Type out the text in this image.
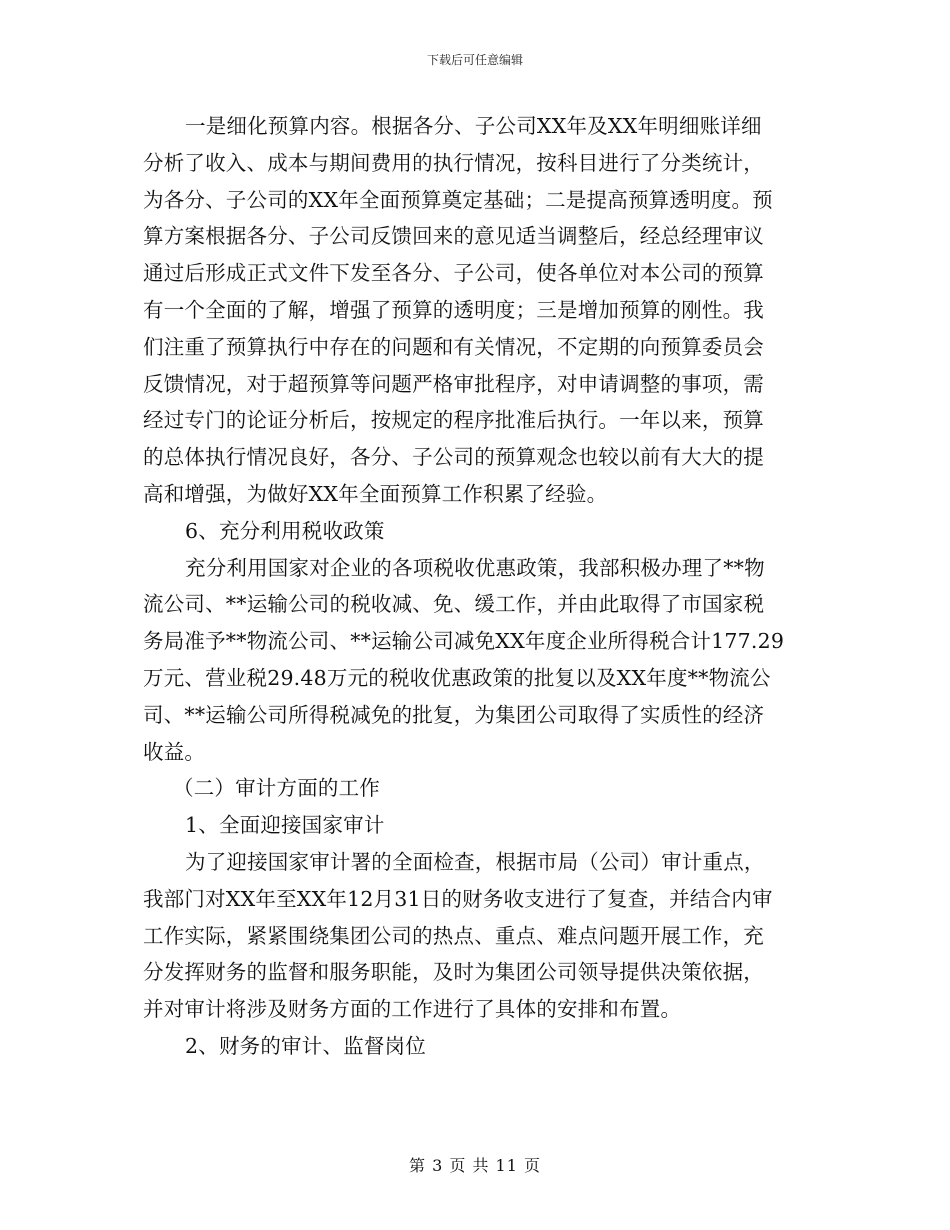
下载后可任意编辑
一是细化预算内容。根据各分、子公司XX年及XX年明细账详细
分析了收入、成本与期间费用的执行情况，按科目进行了分类统计，
为各分、子公司的XX年全面预算奠定基础；二是提高预算透明度。预
算方案根据各分、子公司反馈回来的意见适当调整后，经总经理审议
通过后形成正式文件下发至各分、子公司，使各单位对本公司的预算
有一个全面的了解，增强了预算的透明度；三是增加预算的刚性。我
们注重了预算执行中存在的问题和有关情况，不定期的向预算委员会
反馈情况，对于超预算等问题严格审批程序，对申请调整的事项，需
经过专门的论证分析后，按规定的程序批准后执行。一年以来，预算
的总体执行情况良好，各分、子公司的预算观念也较以前有大大的提
高和增强，为做好XX年全面预算工作积累了经验。
6、充分利用税收政策
充分利用国家对企业的各项税收优惠政策，我部积极办理了**物
流公司、**运输公司的税收减、免、缓工作，并由此取得了市国家税
务局准予**物流公司、**运输公司减免XX年度企业所得税合计177.29
万元、营业税29.48万元的税收优惠政策的批复以及XX年度**物流公
司、**运输公司所得税减免的批复，为集团公司取得了实质性的经济
收益。
（二）审计方面的工作
1、全面迎接国家审计
为了迎接国家审计署的全面检查，根据市局（公司）审计重点，
我部门对XX年至XX年12月31日的财务收支进行了复查，并结合内审
工作实际，紧紧围绕集团公司的热点、重点、难点问题开展工作，充
分发挥财务的监督和服务职能，及时为集团公司领导提供决策依据，
并对审计将涉及财务方面的工作进行了具体的安排和布置。
2、财务的审计、监督岗位
第 3 页 共 11 页
